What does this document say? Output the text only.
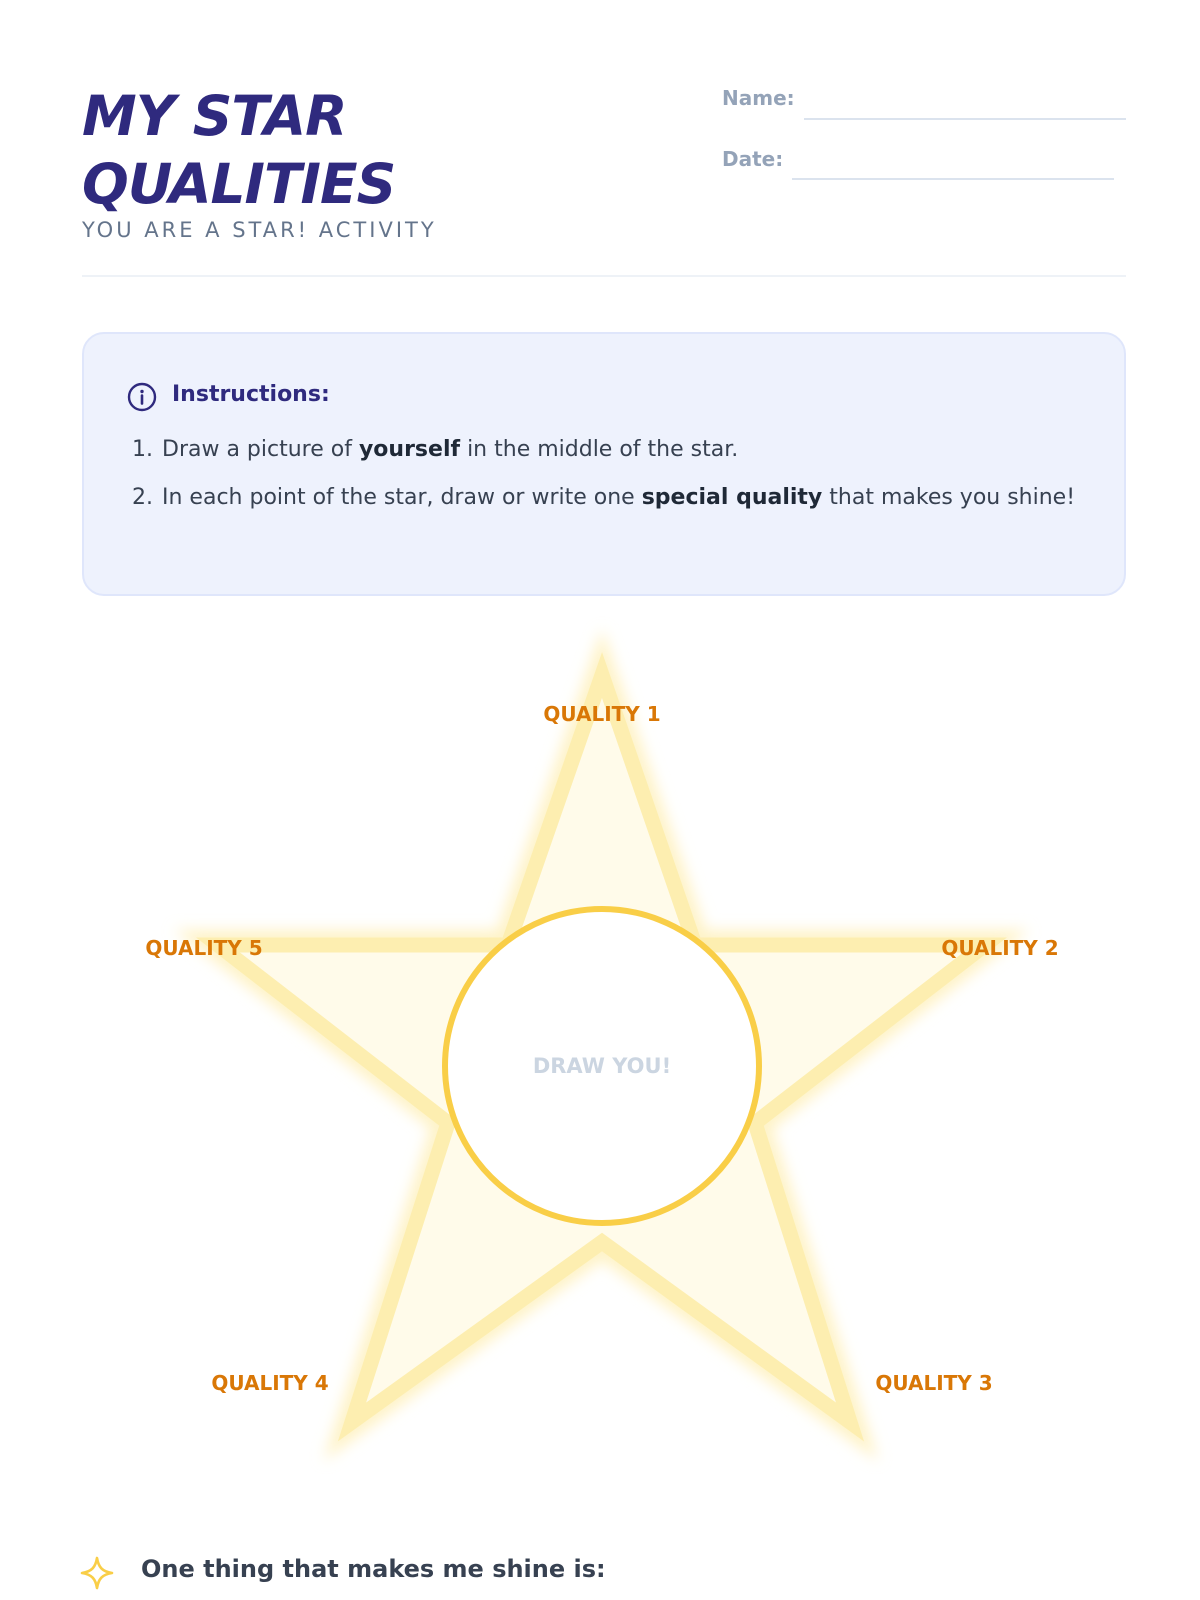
MY STAR QUALITIES
YOU ARE A STAR! ACTIVITY
Name:
Date:
Instructions:
1. Draw a picture of yourself in the middle of the star.
2. In each point of the star, draw or write one special quality that makes you shine!
DRAW YOU!
QUALITY 1
QUALITY 2
QUALITY 3
QUALITY 4
QUALITY 5
One thing that makes me shine is:
